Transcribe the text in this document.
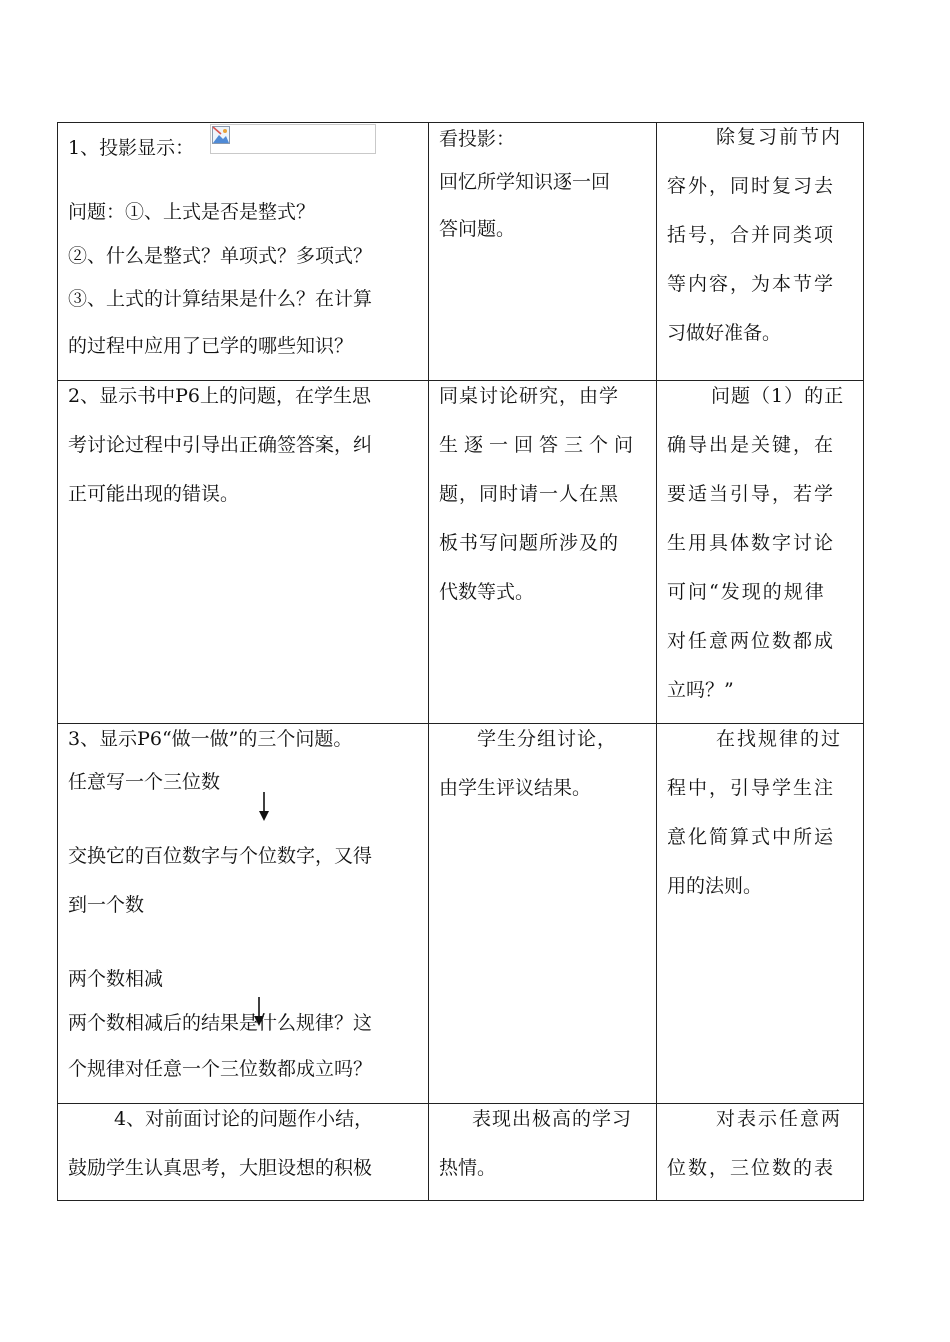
1、投影显示：
问题：①、上式是否是整式？
②、什么是整式？单项式？多项式？
③、上式的计算结果是什么？在计算
的过程中应用了已学的哪些知识？
看投影：
回忆所学知识逐一回
答问题。
除复习前节内
容外，同时复习去
括号，合并同类项
等内容，为本节学
习做好准备。
2、显示书中P6上的问题，在学生思
考讨论过程中引导出正确签答案，纠
正可能出现的错误。
同桌讨论研究，由学
生逐一回答三个问
题，同时请一人在黑
板书写问题所涉及的
代数等式。
问题（1）的正
确导出是关键，在
要适当引导，若学
生用具体数字讨论
可问“发现的规律
对任意两位数都成
立吗？”
3、显示P6“做一做”的三个问题。
任意写一个三位数
交换它的百位数字与个位数字，又得
到一个数
两个数相减
两个数相减后的结果是什么规律？这
个规律对任意一个三位数都成立吗？
学生分组讨论，
由学生评议结果。
在找规律的过
程中，引导学生注
意化简算式中所运
用的法则。
4、对前面讨论的问题作小结，
鼓励学生认真思考，大胆设想的积极
表现出极高的学习
热情。
对表示任意两
位数，三位数的表
